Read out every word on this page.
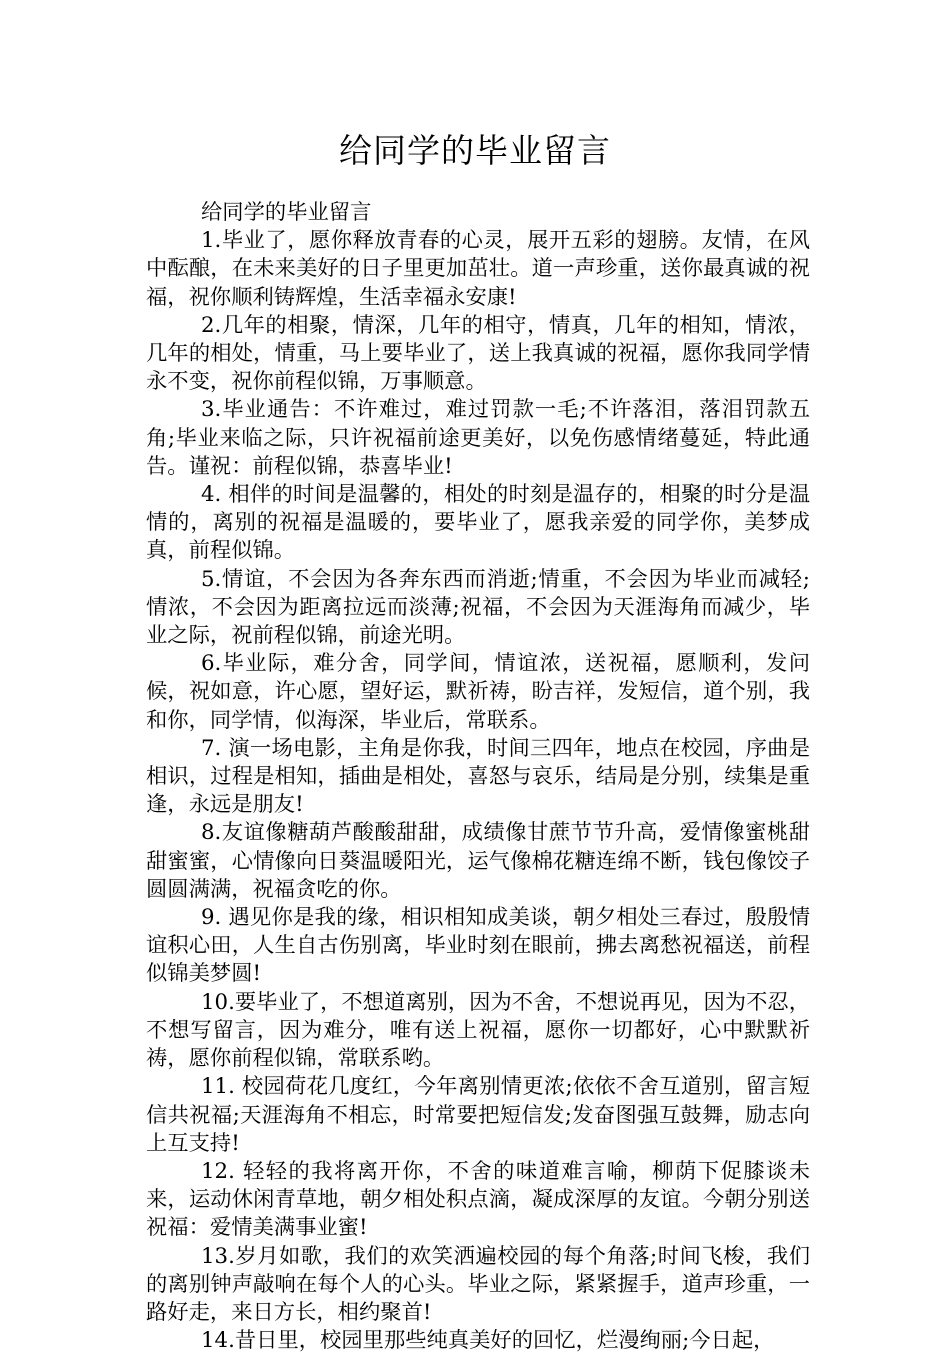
给同学的毕业留言

给同学的毕业留言

1.毕业了，愿你释放青春的心灵，展开五彩的翅膀。友情，在风中酝酿，在未来美好的日子里更加茁壮。道一声珍重，送你最真诚的祝福，祝你顺利铸辉煌，生活幸福永安康!

2.几年的相聚，情深，几年的相守，情真，几年的相知，情浓，几年的相处，情重，马上要毕业了，送上我真诚的祝福，愿你我同学情永不变，祝你前程似锦，万事顺意。

3.毕业通告：不许难过，难过罚款一毛;不许落泪，落泪罚款五角;毕业来临之际，只许祝福前途更美好，以免伤感情绪蔓延，特此通告。谨祝：前程似锦，恭喜毕业!

4. 相伴的时间是温馨的，相处的时刻是温存的，相聚的时分是温情的，离别的祝福是温暖的，要毕业了，愿我亲爱的同学你，美梦成真，前程似锦。

5.情谊，不会因为各奔东西而消逝;情重，不会因为毕业而减轻;情浓，不会因为距离拉远而淡薄;祝福，不会因为天涯海角而减少，毕业之际，祝前程似锦，前途光明。

6.毕业际，难分舍，同学间，情谊浓，送祝福，愿顺利，发问候，祝如意，许心愿，望好运，默祈祷，盼吉祥，发短信，道个别，我和你，同学情，似海深，毕业后，常联系。

7. 演一场电影，主角是你我，时间三四年，地点在校园，序曲是相识，过程是相知，插曲是相处，喜怒与哀乐，结局是分别，续集是重逢，永远是朋友!

8.友谊像糖葫芦酸酸甜甜，成绩像甘蔗节节升高，爱情像蜜桃甜甜蜜蜜，心情像向日葵温暖阳光，运气像棉花糖连绵不断，钱包像饺子圆圆满满，祝福贪吃的你。

9. 遇见你是我的缘，相识相知成美谈，朝夕相处三春过，殷殷情谊积心田，人生自古伤别离，毕业时刻在眼前，拂去离愁祝福送，前程似锦美梦圆!

10.要毕业了，不想道离别，因为不舍，不想说再见，因为不忍，不想写留言，因为难分，唯有送上祝福，愿你一切都好，心中默默祈祷，愿你前程似锦，常联系哟。

11. 校园荷花几度红，今年离别情更浓;依依不舍互道别，留言短信共祝福;天涯海角不相忘，时常要把短信发;发奋图强互鼓舞，励志向上互支持!

12. 轻轻的我将离开你，不舍的味道难言喻，柳荫下促膝谈未来，运动休闲青草地，朝夕相处积点滴，凝成深厚的友谊。今朝分别送祝福：爱情美满事业蜜!

13.岁月如歌，我们的欢笑洒遍校园的每个角落;时间飞梭，我们的离别钟声敲响在每个人的心头。毕业之际，紧紧握手，道声珍重，一路好走，来日方长，相约聚首!

14.昔日里，校园里那些纯真美好的回忆，烂漫绚丽;今日起，
